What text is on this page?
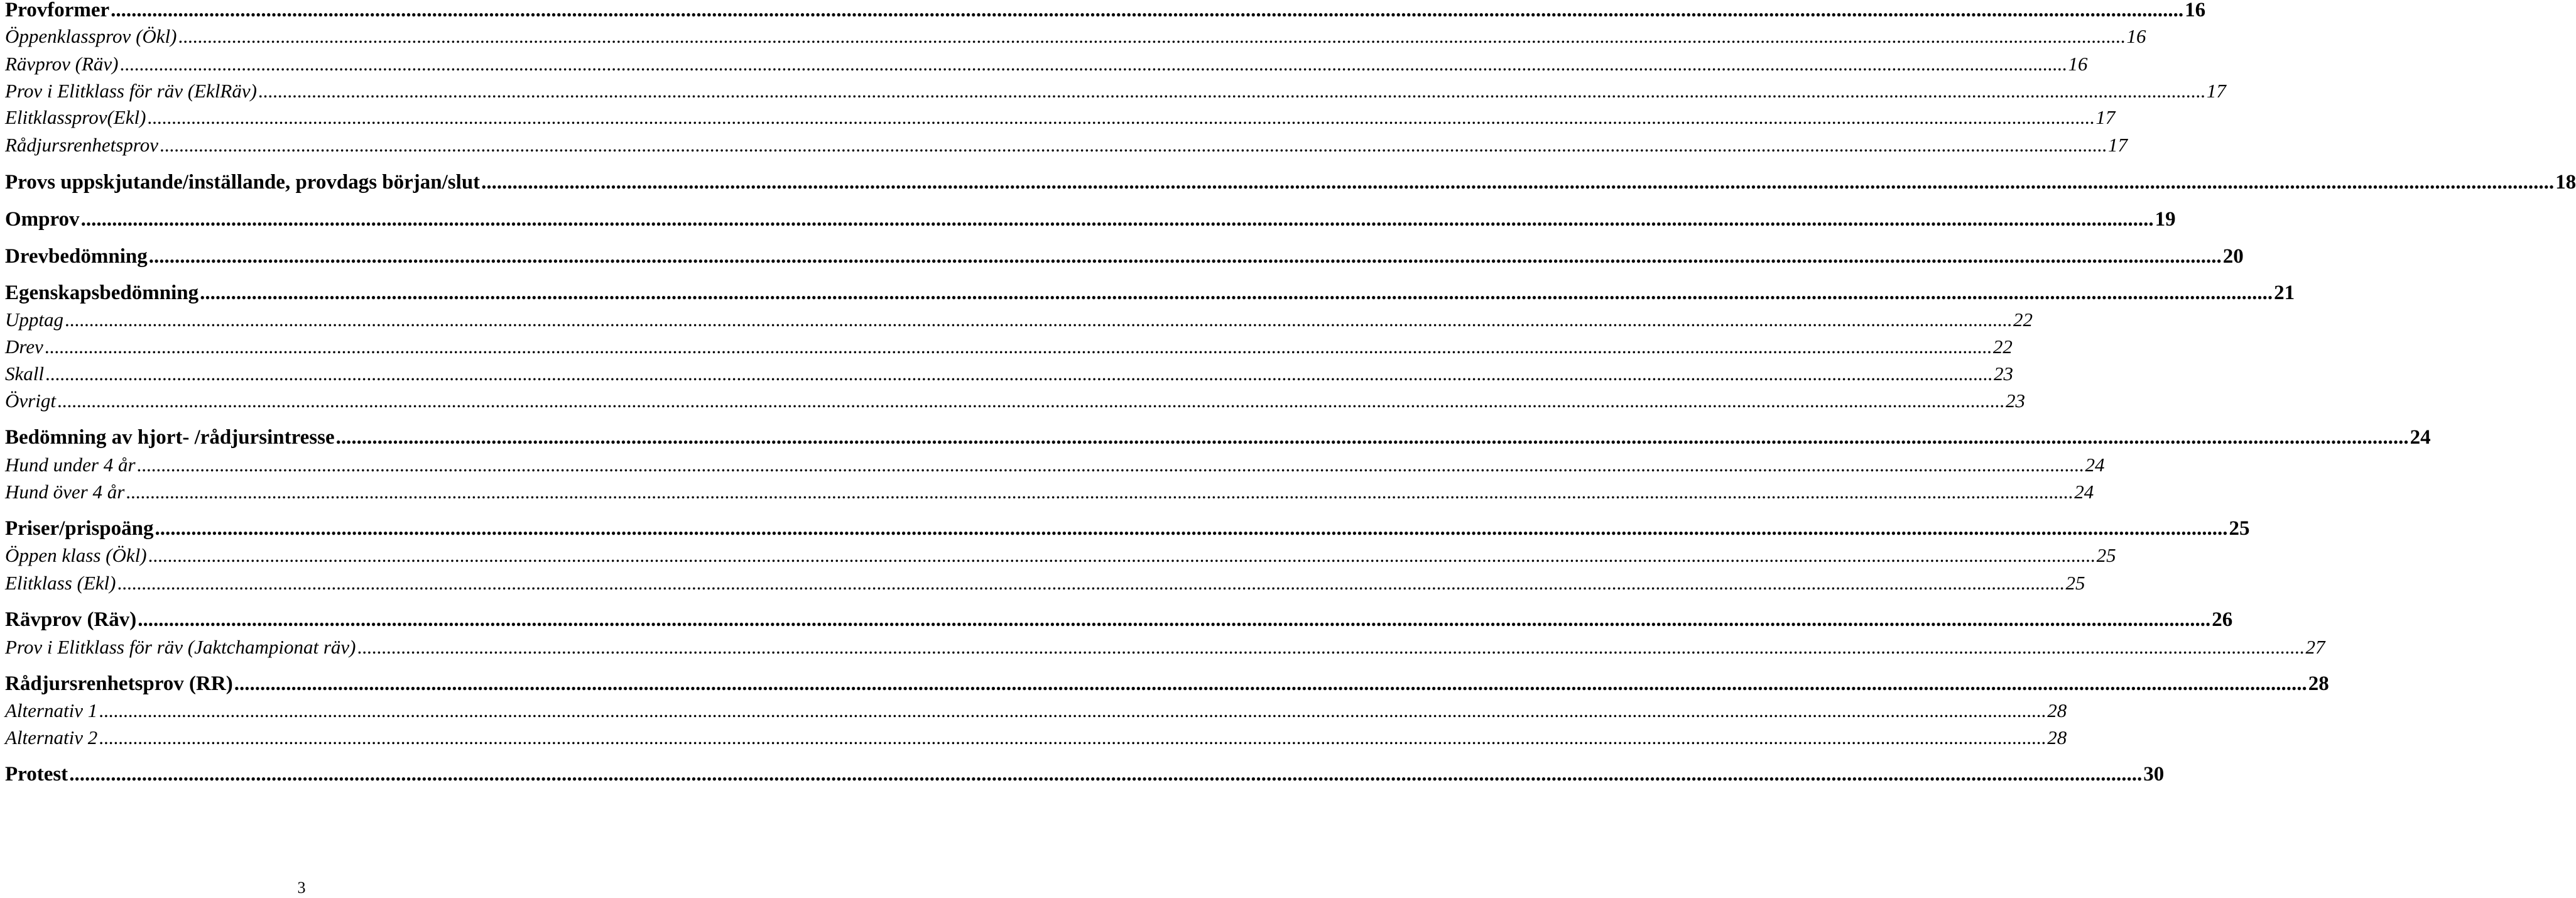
Provformer ................................................................................................................................................................................................................................................................................................................................................................................................................ 16
Öppenklassprov (Ökl) ................................................................................................................................................................................................................................................................................................................................................................................................................ 16
Rävprov (Räv) ................................................................................................................................................................................................................................................................................................................................................................................................................ 16
Prov i Elitklass för räv (EklRäv) ................................................................................................................................................................................................................................................................................................................................................................................................................ 17
Elitklassprov(Ekl) ................................................................................................................................................................................................................................................................................................................................................................................................................ 17
Rådjursrenhetsprov ................................................................................................................................................................................................................................................................................................................................................................................................................ 17
Provs uppskjutande/inställande, provdags början/slut ................................................................................................................................................................................................................................................................................................................................................................................................................ 18
Omprov ................................................................................................................................................................................................................................................................................................................................................................................................................ 19
Drevbedömning ................................................................................................................................................................................................................................................................................................................................................................................................................ 20
Egenskapsbedömning ................................................................................................................................................................................................................................................................................................................................................................................................................ 21
Upptag ................................................................................................................................................................................................................................................................................................................................................................................................................ 22
Drev ................................................................................................................................................................................................................................................................................................................................................................................................................ 22
Skall ................................................................................................................................................................................................................................................................................................................................................................................................................ 23
Övrigt ................................................................................................................................................................................................................................................................................................................................................................................................................ 23
Bedömning av hjort- /rådjursintresse ................................................................................................................................................................................................................................................................................................................................................................................................................ 24
Hund under 4 år ................................................................................................................................................................................................................................................................................................................................................................................................................ 24
Hund över 4 år ................................................................................................................................................................................................................................................................................................................................................................................................................ 24
Priser/prispoäng ................................................................................................................................................................................................................................................................................................................................................................................................................ 25
Öppen klass (Ökl) ................................................................................................................................................................................................................................................................................................................................................................................................................ 25
Elitklass (Ekl) ................................................................................................................................................................................................................................................................................................................................................................................................................ 25
Rävprov (Räv) ................................................................................................................................................................................................................................................................................................................................................................................................................ 26
Prov i Elitklass för räv (Jaktchampionat räv) ................................................................................................................................................................................................................................................................................................................................................................................................................ 27
Rådjursrenhetsprov (RR) ................................................................................................................................................................................................................................................................................................................................................................................................................ 28
Alternativ 1 ................................................................................................................................................................................................................................................................................................................................................................................................................ 28
Alternativ 2 ................................................................................................................................................................................................................................................................................................................................................................................................................ 28
Protest ................................................................................................................................................................................................................................................................................................................................................................................................................ 30
3
